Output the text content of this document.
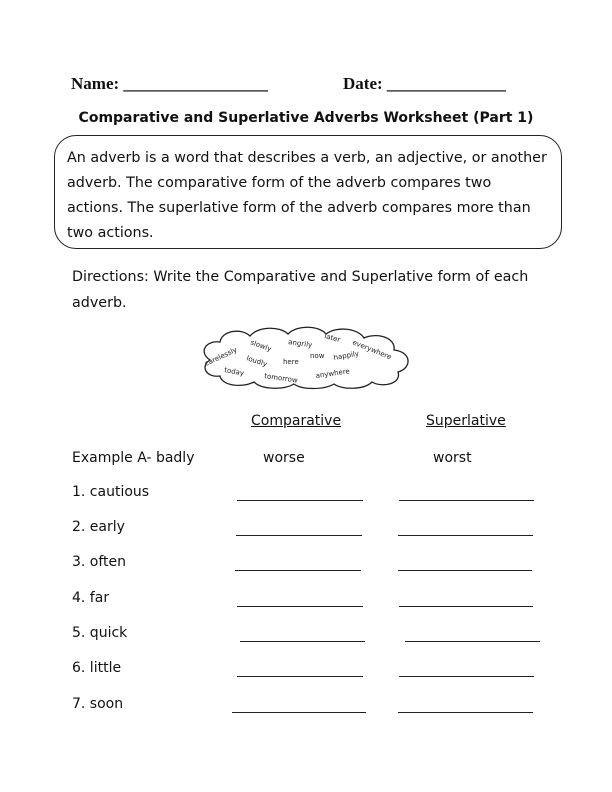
Name: _________________	Date: ______________
Comparative and Superlative Adverbs Worksheet (Part 1)

An adverb is a word that describes a verb, an adjective, or another adverb. The comparative form of the adverb compares two actions. The superlative form of the adverb compares more than two actions.

Directions: Write the Comparative and Superlative form of each adverb.
carelessly
slowly angrily later
everywhere
loudly here
now happily
today
tomorrow anywhere
Comparative	Superlative
Example A- badly	worse	worst
1. cautious
2. early
3. often
4. far
5. quick
6. little
7. soon
